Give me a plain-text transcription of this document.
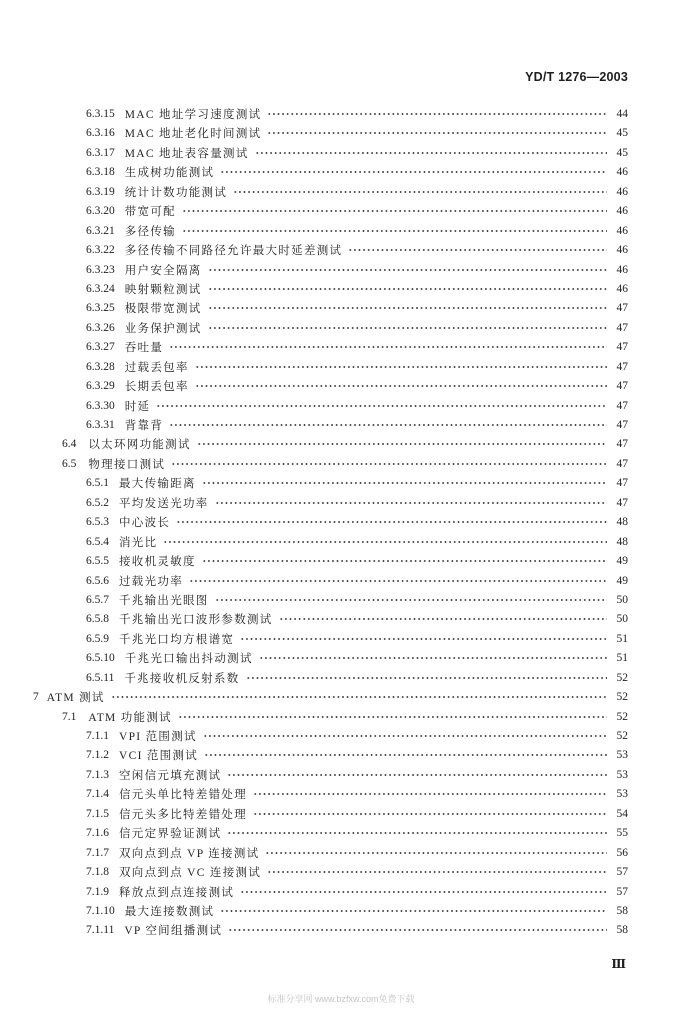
YD/T 1276—2003
6.3.15 MAC 地址学习速度测试	44
6.3.16 MAC 地址老化时间测试	45
6.3.17 MAC 地址表容量测试	45
6.3.18 生成树功能测试	46
6.3.19 统计计数功能测试	46
6.3.20 带宽可配	46
6.3.21 多径传输	46
6.3.22 多径传输不同路径允许最大时延差测试	46
6.3.23 用户安全隔离	46
6.3.24 映射颗粒测试	46
6.3.25 极限带宽测试	47
6.3.26 业务保护测试	47
6.3.27 吞吐量	47
6.3.28 过载丢包率	47
6.3.29 长期丢包率	47
6.3.30 时延	47
6.3.31 背靠背	47
6.4 以太环网功能测试	47
6.5 物理接口测试	47
6.5.1 最大传输距离	47
6.5.2 平均发送光功率	47
6.5.3 中心波长	48
6.5.4 消光比	48
6.5.5 接收机灵敏度	49
6.5.6 过载光功率	49
6.5.7 千兆输出光眼图	50
6.5.8 千兆输出光口波形参数测试	50
6.5.9 千兆光口均方根谱宽	51
6.5.10 千兆光口输出抖动测试	51
6.5.11 千兆接收机反射系数	52
7 ATM 测试	52
7.1 ATM 功能测试	52
7.1.1 VPI 范围测试	52
7.1.2 VCI 范围测试	53
7.1.3 空闲信元填充测试	53
7.1.4 信元头单比特差错处理	53
7.1.5 信元头多比特差错处理	54
7.1.6 信元定界验证测试	55
7.1.7 双向点到点 VP 连接测试	56
7.1.8 双向点到点 VC 连接测试	57
7.1.9 释放点到点连接测试	57
7.1.10 最大连接数测试	58
7.1.11 VP 空间组播测试	58
Ⅲ
标准分享网 www.bzfxw.com免费下载
